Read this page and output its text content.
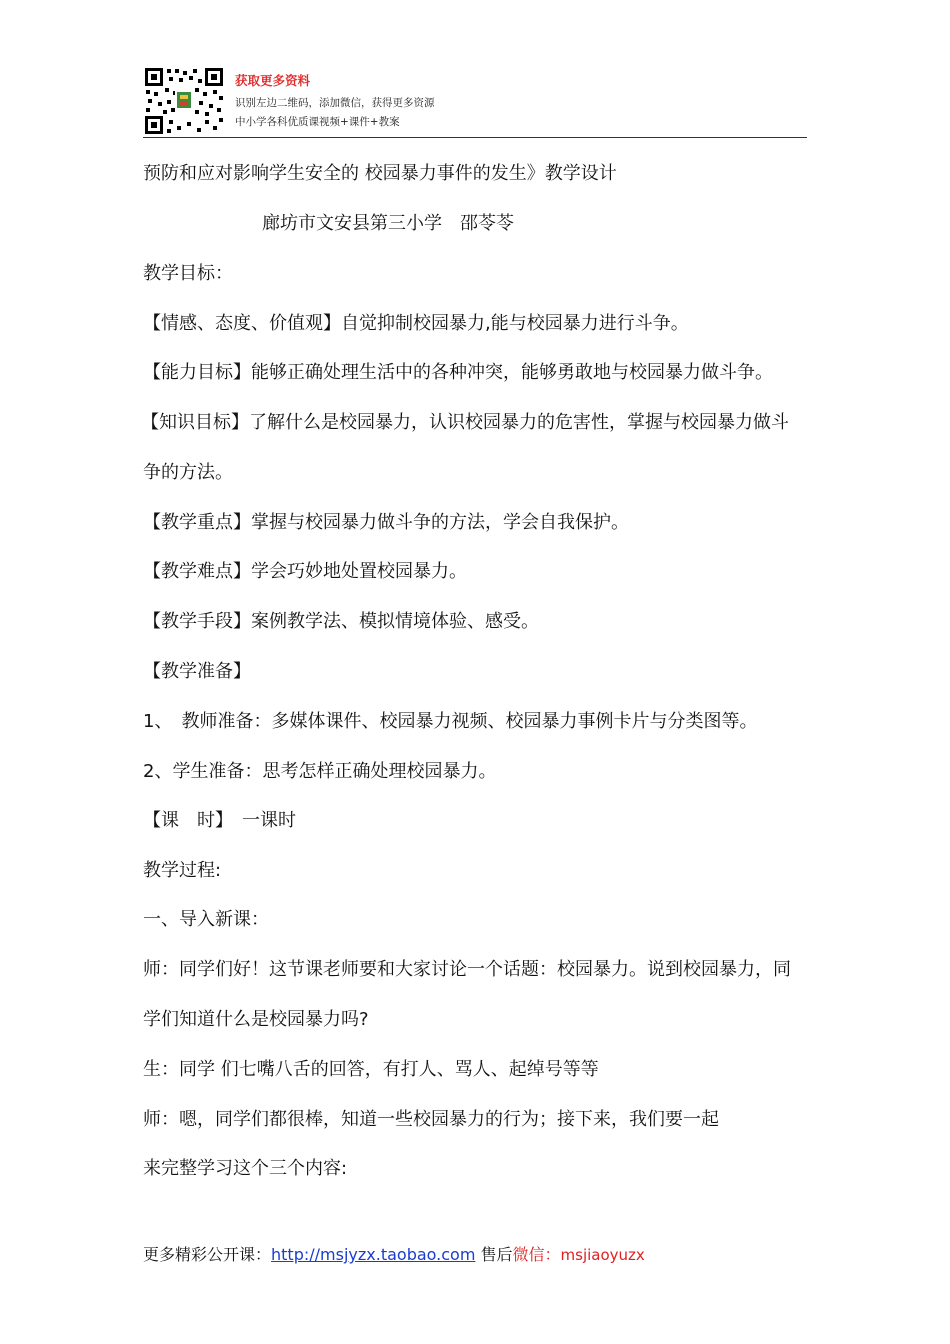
获取更多资料
识别左边二维码，添加微信，获得更多资源
中小学各科优质课视频+课件+教案
预防和应对影响学生安全的 校园暴力事件的发生》教学设计
廊坊市文安县第三小学　邵苓苓
教学目标：
【情感、态度、价值观】自觉抑制校园暴力,能与校园暴力进行斗争。
【能力目标】能够正确处理生活中的各种冲突，能够勇敢地与校园暴力做斗争。
【知识目标】了解什么是校园暴力，认识校园暴力的危害性，掌握与校园暴力做斗
争的方法。
【教学重点】掌握与校园暴力做斗争的方法，学会自我保护。
【教学难点】学会巧妙地处置校园暴力。
【教学手段】案例教学法、模拟情境体验、感受。
【教学准备】
1、　教师准备：多媒体课件、校园暴力视频、校园暴力事例卡片与分类图等。
2、学生准备：思考怎样正确处理校园暴力。
【课　时】　一课时
教学过程:
一、导入新课：
师：同学们好！这节课老师要和大家讨论一个话题：校园暴力。说到校园暴力，同
学们知道什么是校园暴力吗?
生：同学 们七嘴八舌的回答，有打人、骂人、起绰号等等
师：嗯，同学们都很棒，知道一些校园暴力的行为；接下来，我们要一起
来完整学习这个三个内容:
更多精彩公开课：http://msjyzx.taobao.com 售后微信：msjiaoyuzx
